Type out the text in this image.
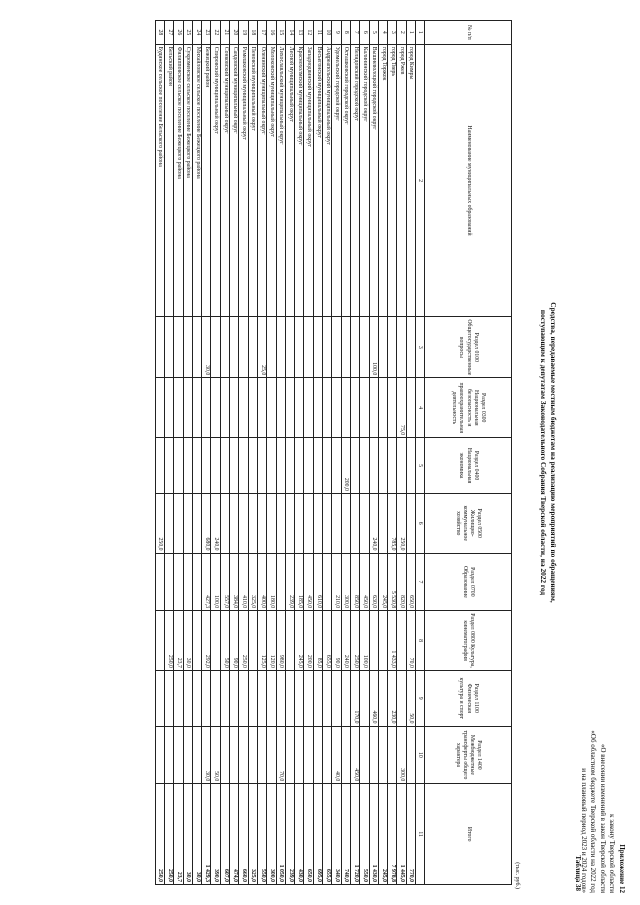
Приложение 12
к закону Тверской области
«О внесении изменений в закон Тверской области
«Об областном бюджете Тверской области на 2022 год
и на плановый период 2023 и 2024 годов»
Таблица 38
Средства, передаваемые местным бюджетам на реализацию мероприятий по обращениям,
поступающим к депутатам Законодательного Собрания Тверской области, на 2022 год
(тыс. руб.)
№ п/п	Наименование муниципальных образований	Раздел 0100 Общегосударственные вопросы	Раздел 0300 Национальная безопасность и правоохранительная деятельность	Раздел 0400 Национальная экономика	Раздел 0500 Жилищно-коммунальное хозяйство	Раздел 0700 Образование	Раздел 0800 Культура, кинематография	Раздел 1100 Физическая культура и спорт	Раздел 1400 Межбюджетные трансферты общего характера	Итого
1	2	3	4	5	6	7	8	9	10	11
1	город Кимры					650,0	70,0	50,0		770,0
2	город Ржев		75,0		250,0	820,0			300,0	1 445,0
3	город Тверь				785,0	5 530,8	1 433,0	230,0		7 978,8
4	город Торжок					245,0				245,0
5	Вышневолоцкий городской округ	100,0			240,0	630,0		460,0		1 430,0
6	Калининский городской округ					450,0	100,0			550,0
7	Нелидовский городской округ					850,0	250,0	170,0	450,0	1 720,0
8	Осташковский городской округ			200,0		300,0	240,0			740,0
9	Удомельский городской округ					210,0	90,0		40,0	340,0
10	Андреапольский муниципальный округ						655,0			655,0
11	Весьегонский муниципальный округ					610,0	85,0			695,0
12	Западнодвинский муниципальный округ					450,0	200,0			650,0
13	Краснохолмский муниципальный округ					185,0	245,0			430,0
14	Лесной муниципальный округ					239,0				239,0
15	Лихославльский муниципальный округ						980,0		70,0	1 050,0
16	Молоковский муниципальный округ					180,0	120,0			300,0
17	Оленинский муниципальный округ	25,0				400,0	125,0			550,0
18	Пеновский муниципальный округ					325,0				325,0
19	Рамешковский муниципальный округ					410,0	250,0			660,0
20	Сандовский муниципальный округ					384,0	90,0			474,0
21	Сонковский муниципальный округ					557,0	50,0			607,0
22	Спировский муниципальный округ				240,0	100,0			50,0	390,0
23	Бежецкий район	30,0			680,0	427,3	292,0		30,0	1 429,3
24	Михайловское сельское поселение Бежецкого района									30,0
25	Сукроменское сельское поселение Бежецкого района						30,0			30,0
26	Филипповское сельское поселение Бежецкого района						23,7			23,7
27	Бельский район						250,0			250,0
28	Будинское сельское поселение Бельского района				250,0					250,0
